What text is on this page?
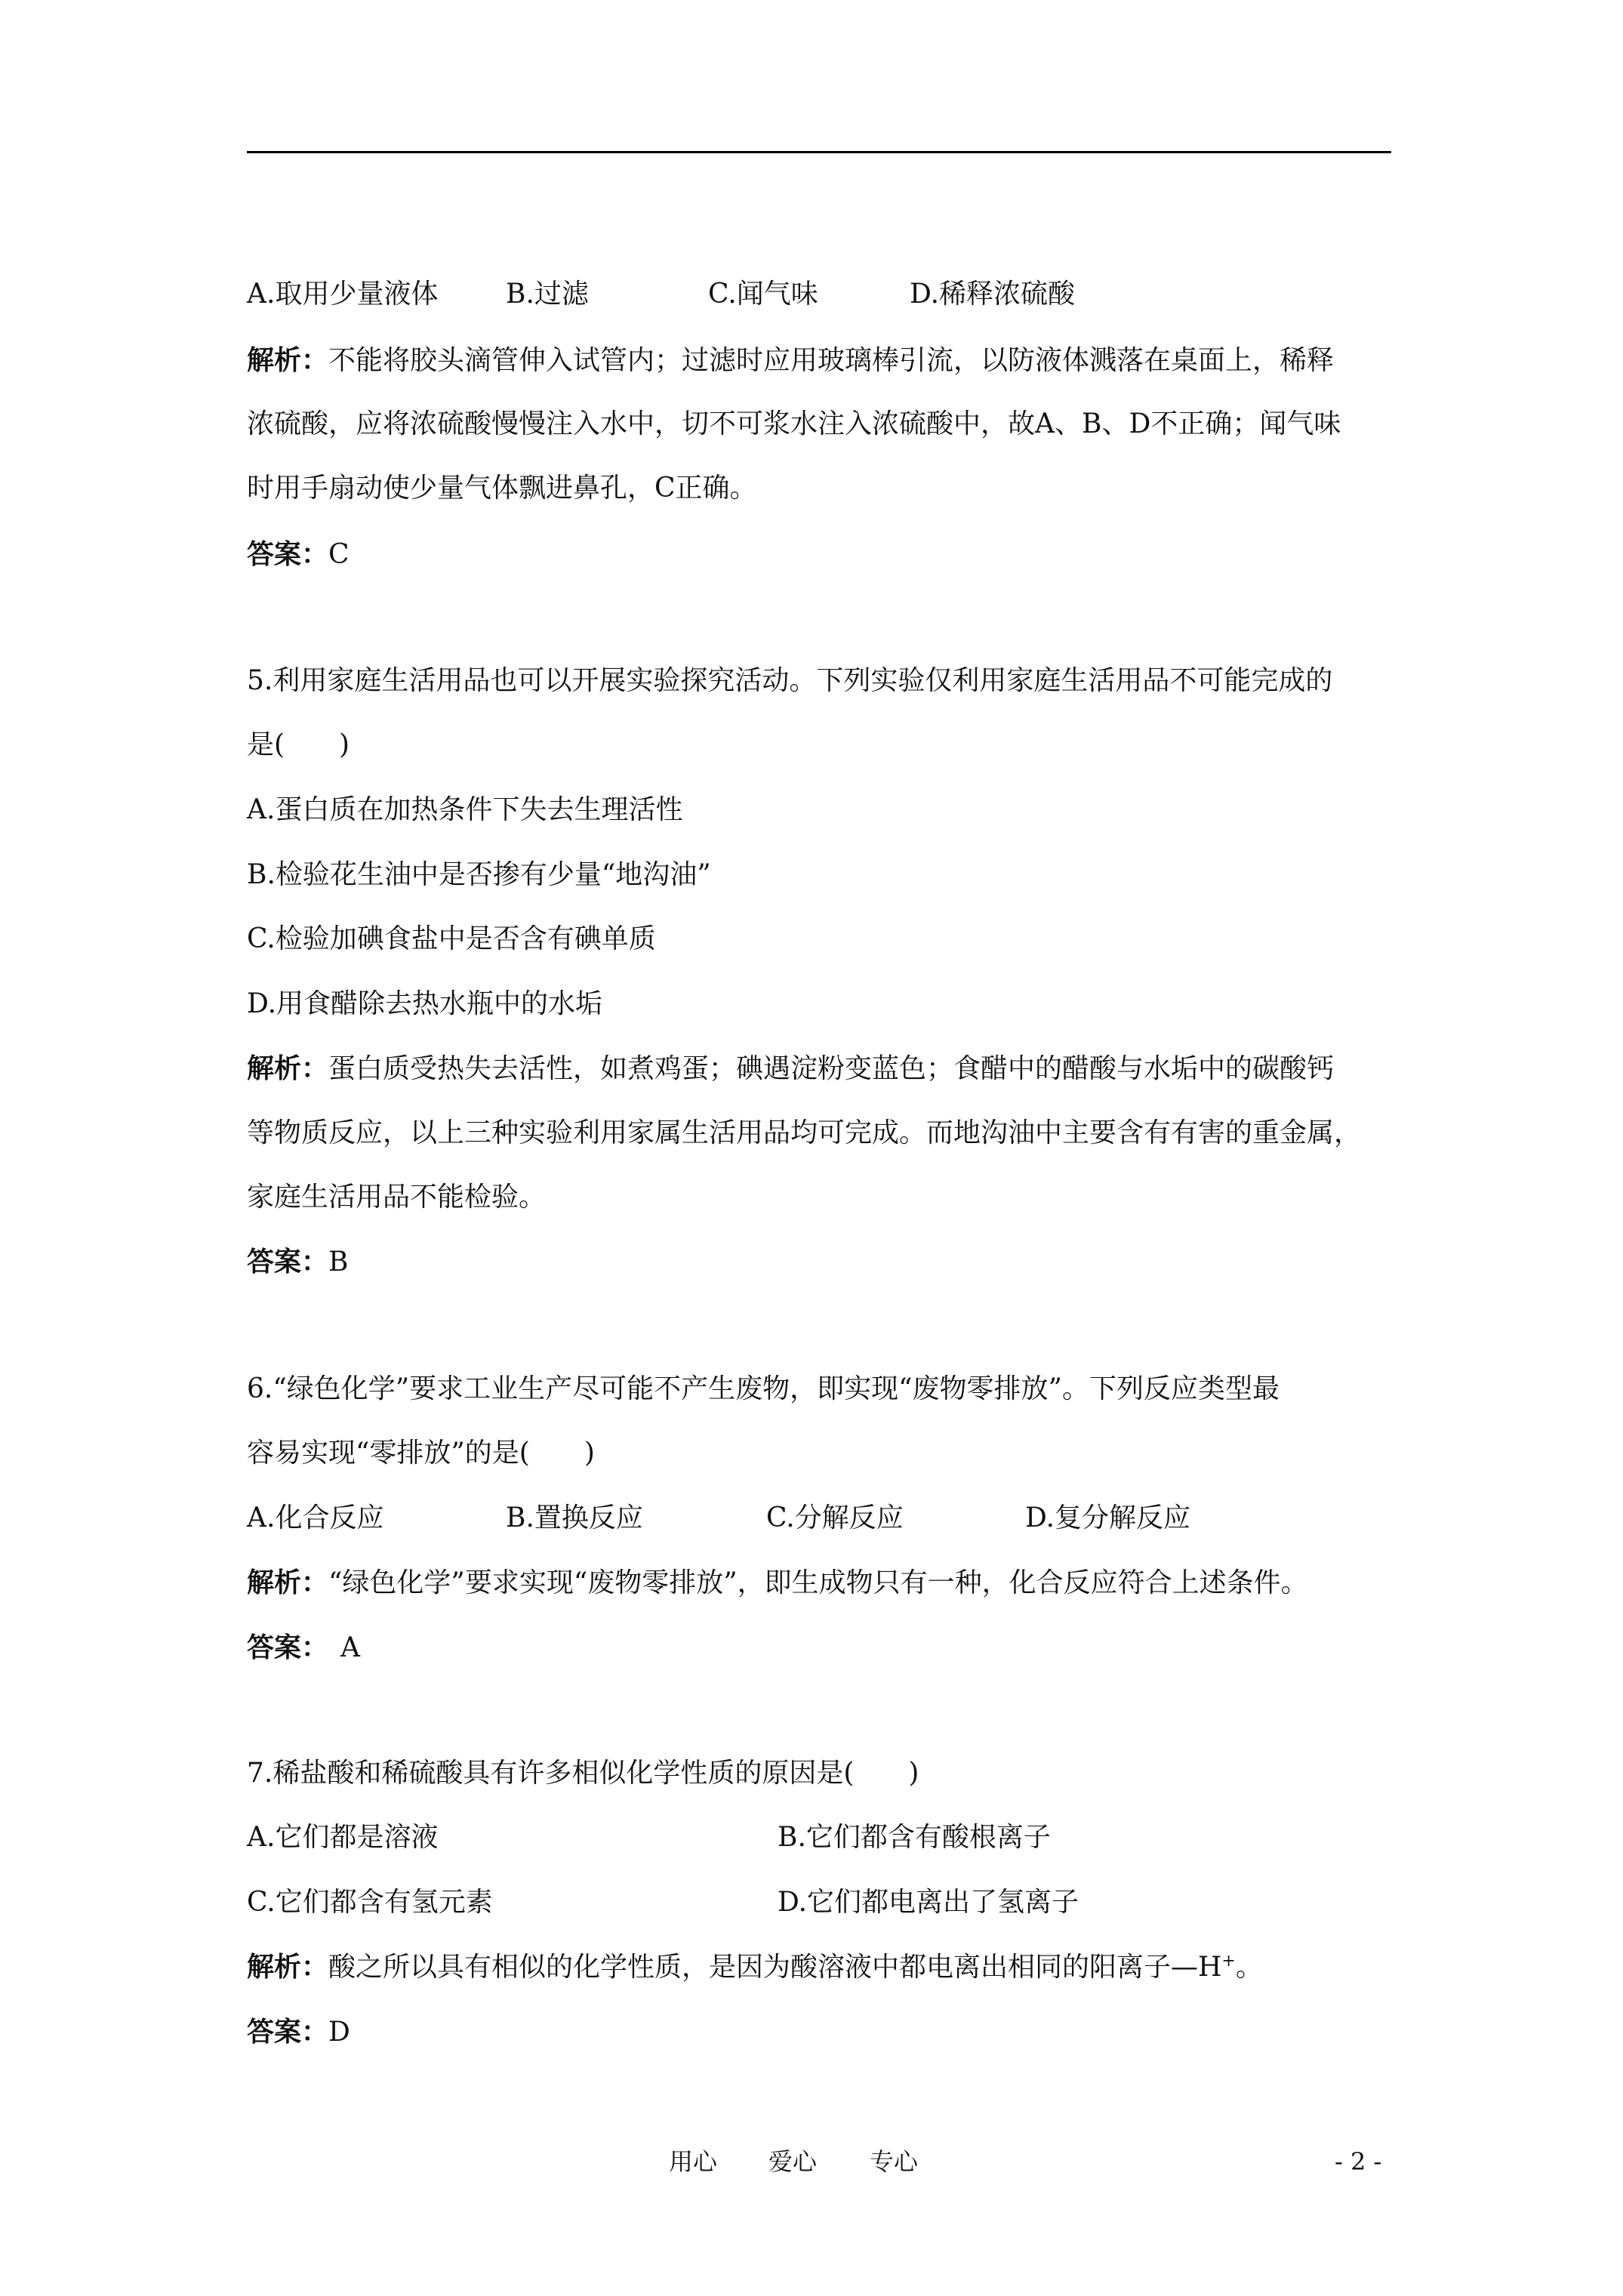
A.取用少量液体 B.过滤	C.闻气味	D.稀释浓硫酸
解析：不能将胶头滴管伸入试管内；过滤时应用玻璃棒引流，以防液体溅落在桌面上，稀释
浓硫酸，应将浓硫酸慢慢注入水中，切不可浆水注入浓硫酸中，故A、B、D不正确；闻气味
时用手扇动使少量气体飘进鼻孔，C正确。
答案：C
5.利用家庭生活用品也可以开展实验探究活动。下列实验仅利用家庭生活用品不可能完成的
是(　　)
A.蛋白质在加热条件下失去生理活性
B.检验花生油中是否掺有少量“地沟油”
C.检验加碘食盐中是否含有碘单质
D.用食醋除去热水瓶中的水垢
解析：蛋白质受热失去活性，如煮鸡蛋；碘遇淀粉变蓝色；食醋中的醋酸与水垢中的碳酸钙
等物质反应，以上三种实验利用家属生活用品均可完成。而地沟油中主要含有有害的重金属，
家庭生活用品不能检验。
答案：B
6.“绿色化学”要求工业生产尽可能不产生废物，即实现“废物零排放”。下列反应类型最
容易实现“零排放”的是(　　)
A.化合反应	B.置换反应	C.分解反应	D.复分解反应
解析：“绿色化学”要求实现“废物零排放”，即生成物只有一种，化合反应符合上述条件。
答案： A
7.稀盐酸和稀硫酸具有许多相似化学性质的原因是(　　)
A.它们都是溶液	B.它们都含有酸根离子
C.它们都含有氢元素	D.它们都电离出了氢离子
解析：酸之所以具有相似的化学性质，是因为酸溶液中都电离出相同的阳离子—H+。
答案：D
用心 爱心 专心	- 2 -
